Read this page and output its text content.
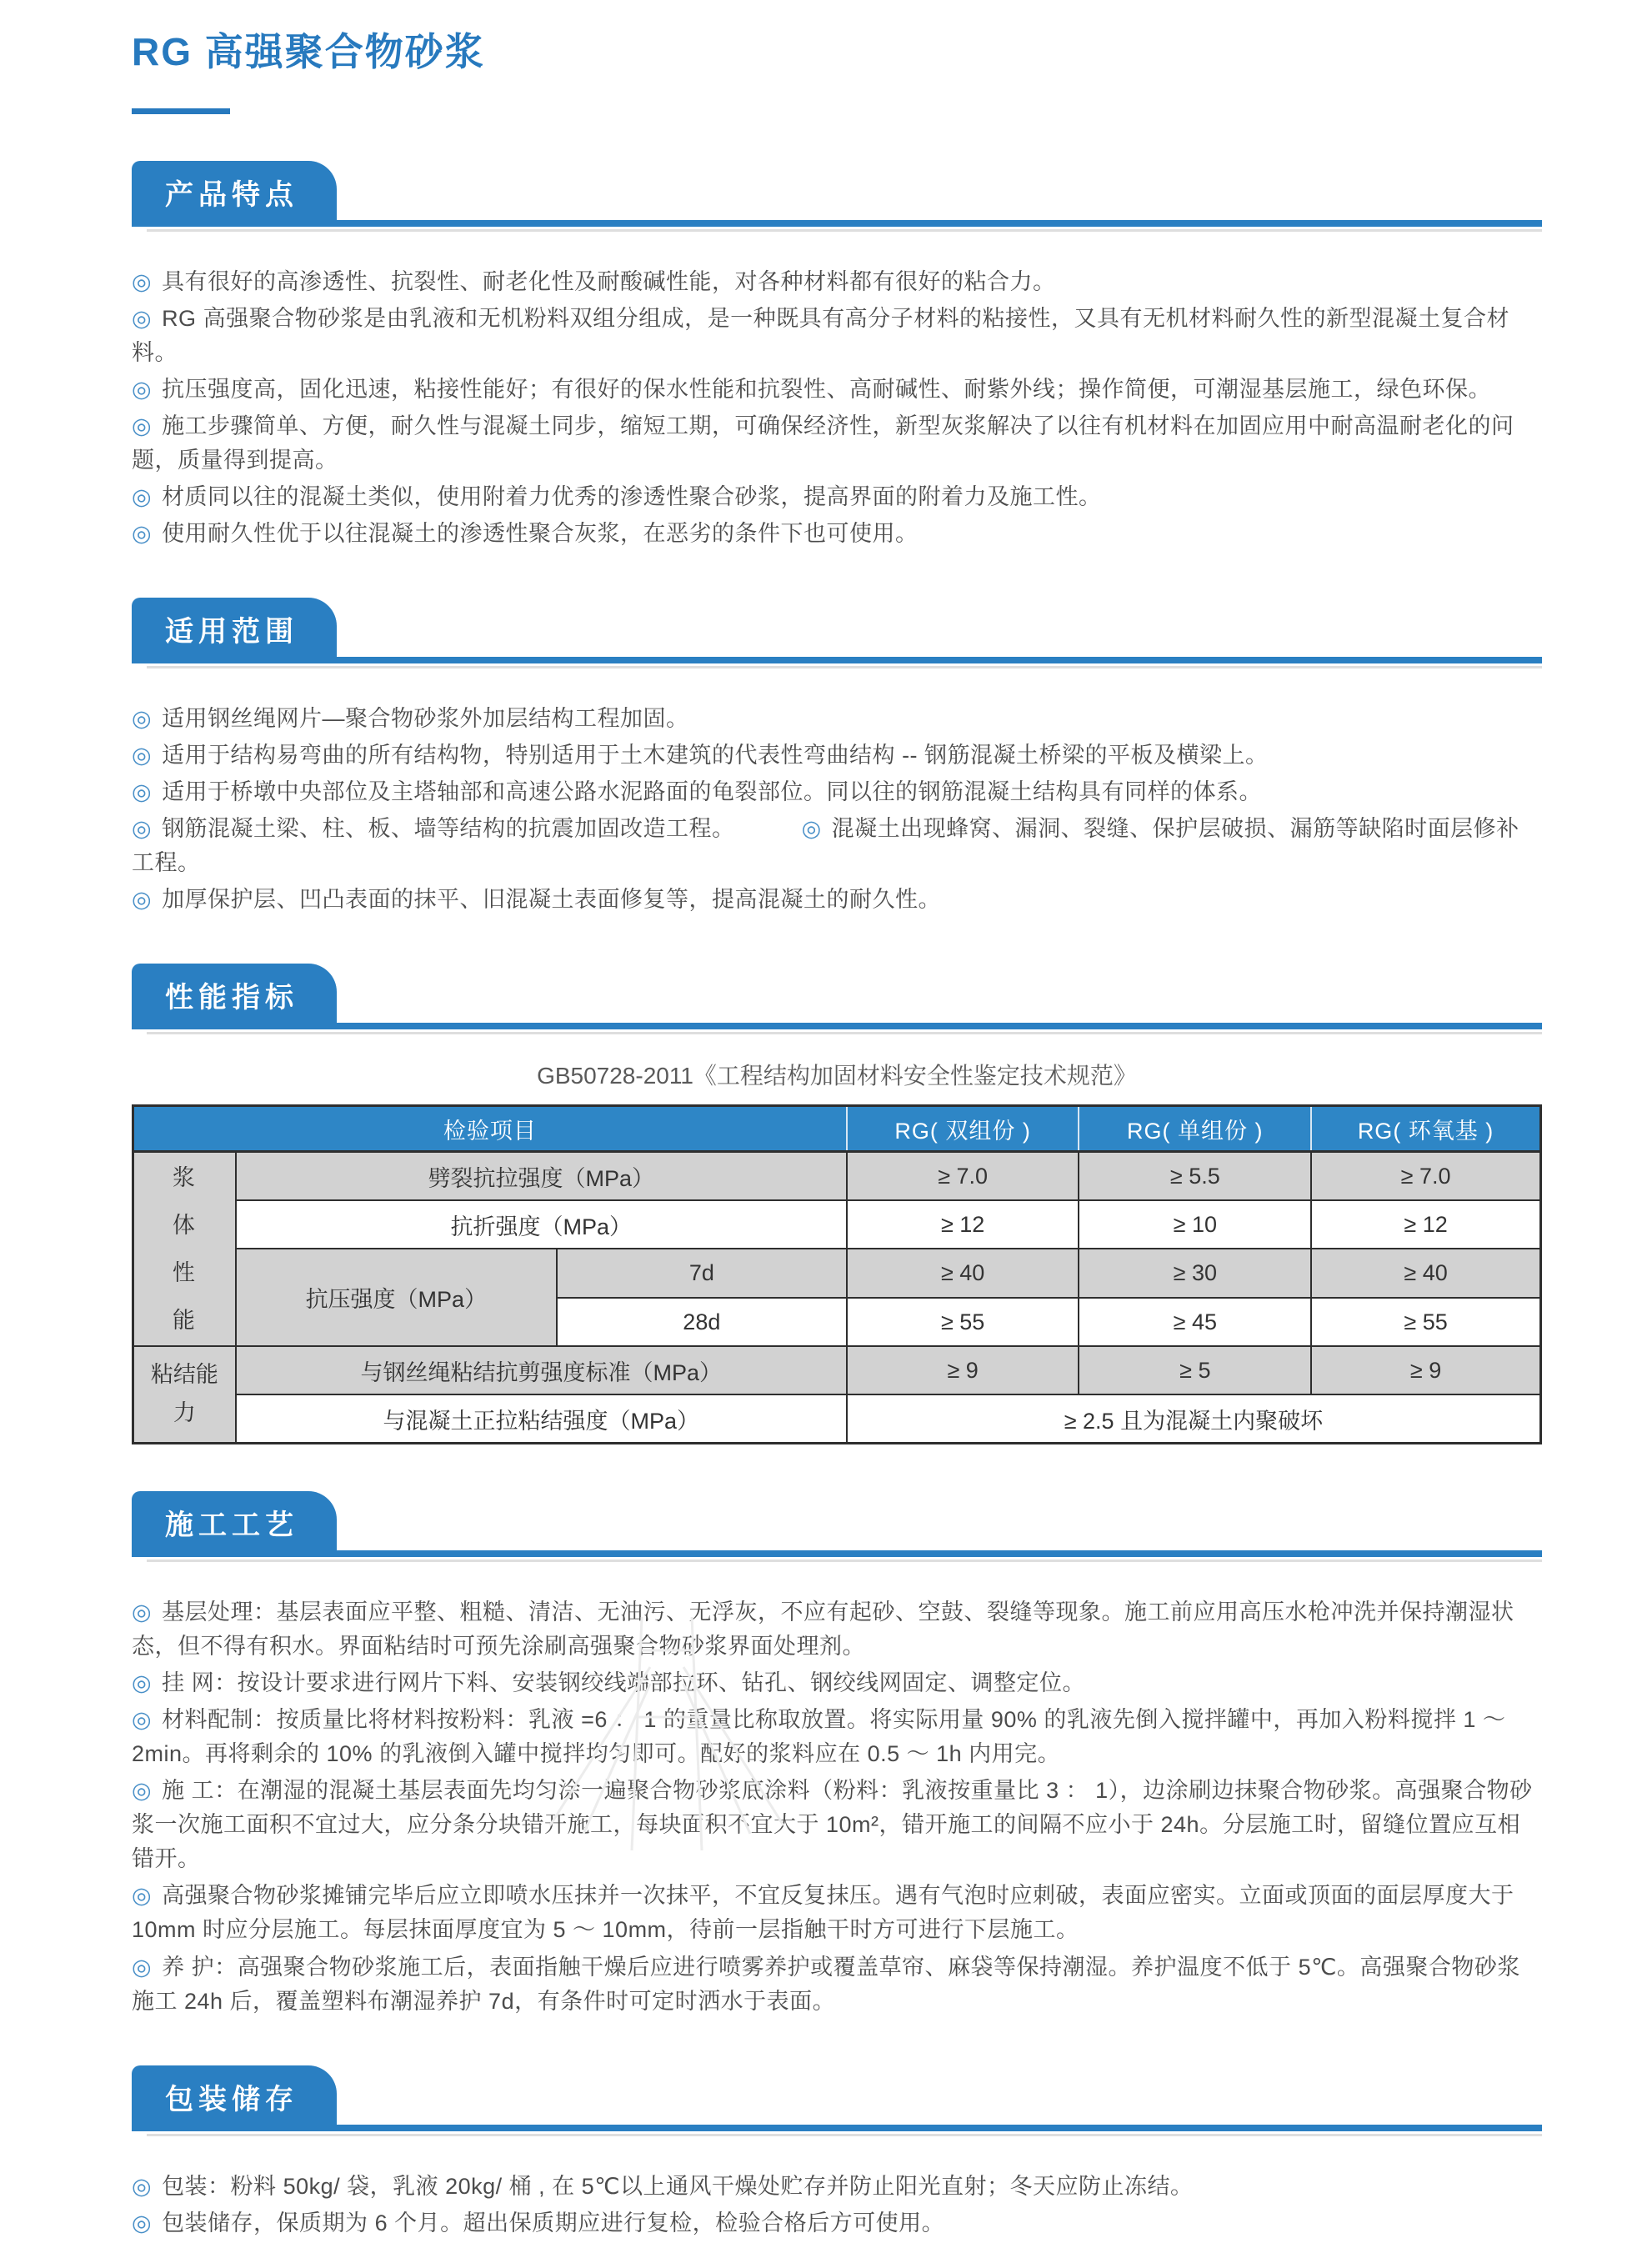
RG 高强聚合物砂浆
产品特点

◎ 具有很好的高渗透性、抗裂性、耐老化性及耐酸碱性能，对各种材料都有很好的粘合力。

◎ RG 高强聚合物砂浆是由乳液和无机粉料双组分组成，是一种既具有高分子材料的粘接性，又具有无机材料耐久性的新型混凝土复合材料。

◎ 抗压强度高，固化迅速，粘接性能好；有很好的保水性能和抗裂性、高耐碱性、耐紫外线；操作简便，可潮湿基层施工，绿色环保。

◎ 施工步骤简单、方便，耐久性与混凝土同步，缩短工期，可确保经济性，新型灰浆解决了以往有机材料在加固应用中耐高温耐老化的问题，质量得到提高。

◎ 材质同以往的混凝土类似，使用附着力优秀的渗透性聚合砂浆，提高界面的附着力及施工性。

◎ 使用耐久性优于以往混凝土的渗透性聚合灰浆，在恶劣的条件下也可使用。

适用范围

◎ 适用钢丝绳网片—聚合物砂浆外加层结构工程加固。

◎ 适用于结构易弯曲的所有结构物，特别适用于土木建筑的代表性弯曲结构 -- 钢筋混凝土桥梁的平板及横梁上。

◎ 适用于桥墩中央部位及主塔轴部和高速公路水泥路面的龟裂部位。同以往的钢筋混凝土结构具有同样的体系。

◎ 钢筋混凝土梁、柱、板、墙等结构的抗震加固改造工程。	◎ 混凝土出现蜂窝、漏洞、裂缝、保护层破损、漏筋等缺陷时面层修补工程。

◎ 加厚保护层、凹凸表面的抹平、旧混凝土表面修复等，提高混凝土的耐久性。

性能指标
GB50728-2011《工程结构加固材料安全性鉴定技术规范》
检验项目			RG( 双组份 )	RG( 单组份 )	RG( 环氧基 )
浆体性能	劈裂抗拉强度（MPa）		≥ 7.0	≥ 5.5	≥ 7.0
	抗折强度（MPa）		≥ 12	≥ 10	≥ 12
	抗压强度（MPa）	7d	≥ 40	≥ 30	≥ 40
		28d	≥ 55	≥ 45	≥ 55
粘结能力	与钢丝绳粘结抗剪强度标准（MPa）		≥ 9	≥ 5	≥ 9
	与混凝土正拉粘结强度（MPa）		≥ 2.5 且为混凝土内聚破坏		
施工工艺

◎ 基层处理：基层表面应平整、粗糙、清洁、无油污、无浮灰，不应有起砂、空鼓、裂缝等现象。施工前应用高压水枪冲洗并保持潮湿状态，但不得有积水。界面粘结时可预先涂刷高强聚合物砂浆界面处理剂。

◎ 挂 网：按设计要求进行网片下料、安装钢绞线端部拉环、钻孔、钢绞线网固定、调整定位。

◎ 材料配制：按质量比将材料按粉料：乳液 =6 ： 1 的重量比称取放置。将实际用量 90% 的乳液先倒入搅拌罐中，再加入粉料搅拌 1 ～ 2min。再将剩余的 10% 的乳液倒入罐中搅拌均匀即可。配好的浆料应在 0.5 ～ 1h 内用完。

◎ 施 工：在潮湿的混凝土基层表面先均匀涂一遍聚合物砂浆底涂料（粉料：乳液按重量比 3 ： 1），边涂刷边抹聚合物砂浆。高强聚合物砂浆一次施工面积不宜过大，应分条分块错开施工，每块面积不宜大于 10m²，错开施工的间隔不应小于 24h。分层施工时，留缝位置应互相错开。

◎ 高强聚合物砂浆摊铺完毕后应立即喷水压抹并一次抹平，不宜反复抹压。遇有气泡时应刺破，表面应密实。立面或顶面的面层厚度大于 10mm 时应分层施工。每层抹面厚度宜为 5 ～ 10mm，待前一层指触干时方可进行下层施工。

◎ 养 护：高强聚合物砂浆施工后，表面指触干燥后应进行喷雾养护或覆盖草帘、麻袋等保持潮湿。养护温度不低于 5℃。高强聚合物砂浆施工 24h 后，覆盖塑料布潮湿养护 7d，有条件时可定时洒水于表面。

包装储存

◎ 包装：粉料 50kg/ 袋，乳液 20kg/ 桶 , 在 5℃以上通风干燥处贮存并防止阳光直射；冬天应防止冻结。

◎ 包装储存，保质期为 6 个月。超出保质期应进行复检，检验合格后方可使用。
